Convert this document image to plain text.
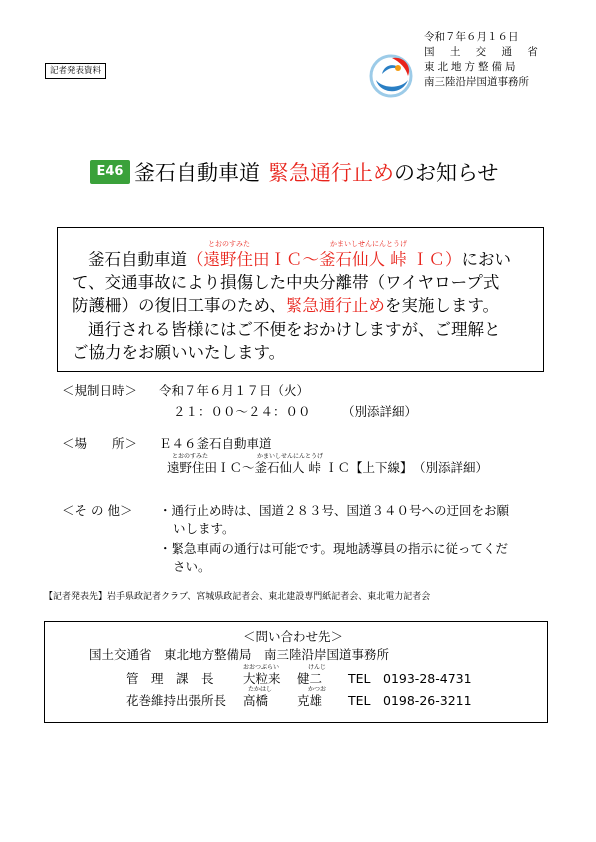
記者発表資料
令和７年６月１６日
国 土 交 通 省
東北地方整備局
南三陸沿岸国道事務所
E46 釜石自動車道 緊急通行止め のお知らせ
とおのすみた	かまいしせんにんとうげ
釜石自動車道（遠野住田ＩＣ～釜石仙人 峠 ＩＣ）におい
て、交通事故により損傷した中央分離帯（ワイヤロープ式
防護柵）の復旧工事のため、緊急通行止めを実施します。
通行される皆様にはご不便をおかけしますが、ご理解と
ご協力をお願いいたします。
＜規制日時＞ 令和７年６月１７日（火）
２１：００～２４：００	（別添詳細）
＜場　　所＞ Ｅ４６釜石自動車道
とおのすみた	かまいしせんにんとうげ
遠野住田ＩＣ～釜石仙人 峠 ＩＣ【上下線】 （別添詳細）
＜そ の 他＞ ・通行止め時は、国道２８３号、国道３４０号への迂回をお願
いします。
・緊急車両の通行は可能です。現地誘導員の指示に従ってくだ
さい。
【記者発表先】岩手県政記者クラブ、宮城県政記者会、東北建設専門紙記者会、東北電力記者会
＜問い合わせ先＞
国土交通省　東北地方整備局　南三陸沿岸国道事務所
おおつぶらい	けんじ
管　理　課　長 大粒来　 健二 TEL　0193-28-4731
たかはし	かつお
花巻維持出張所長 高橋　　 克雄 TEL　0198-26-3211
